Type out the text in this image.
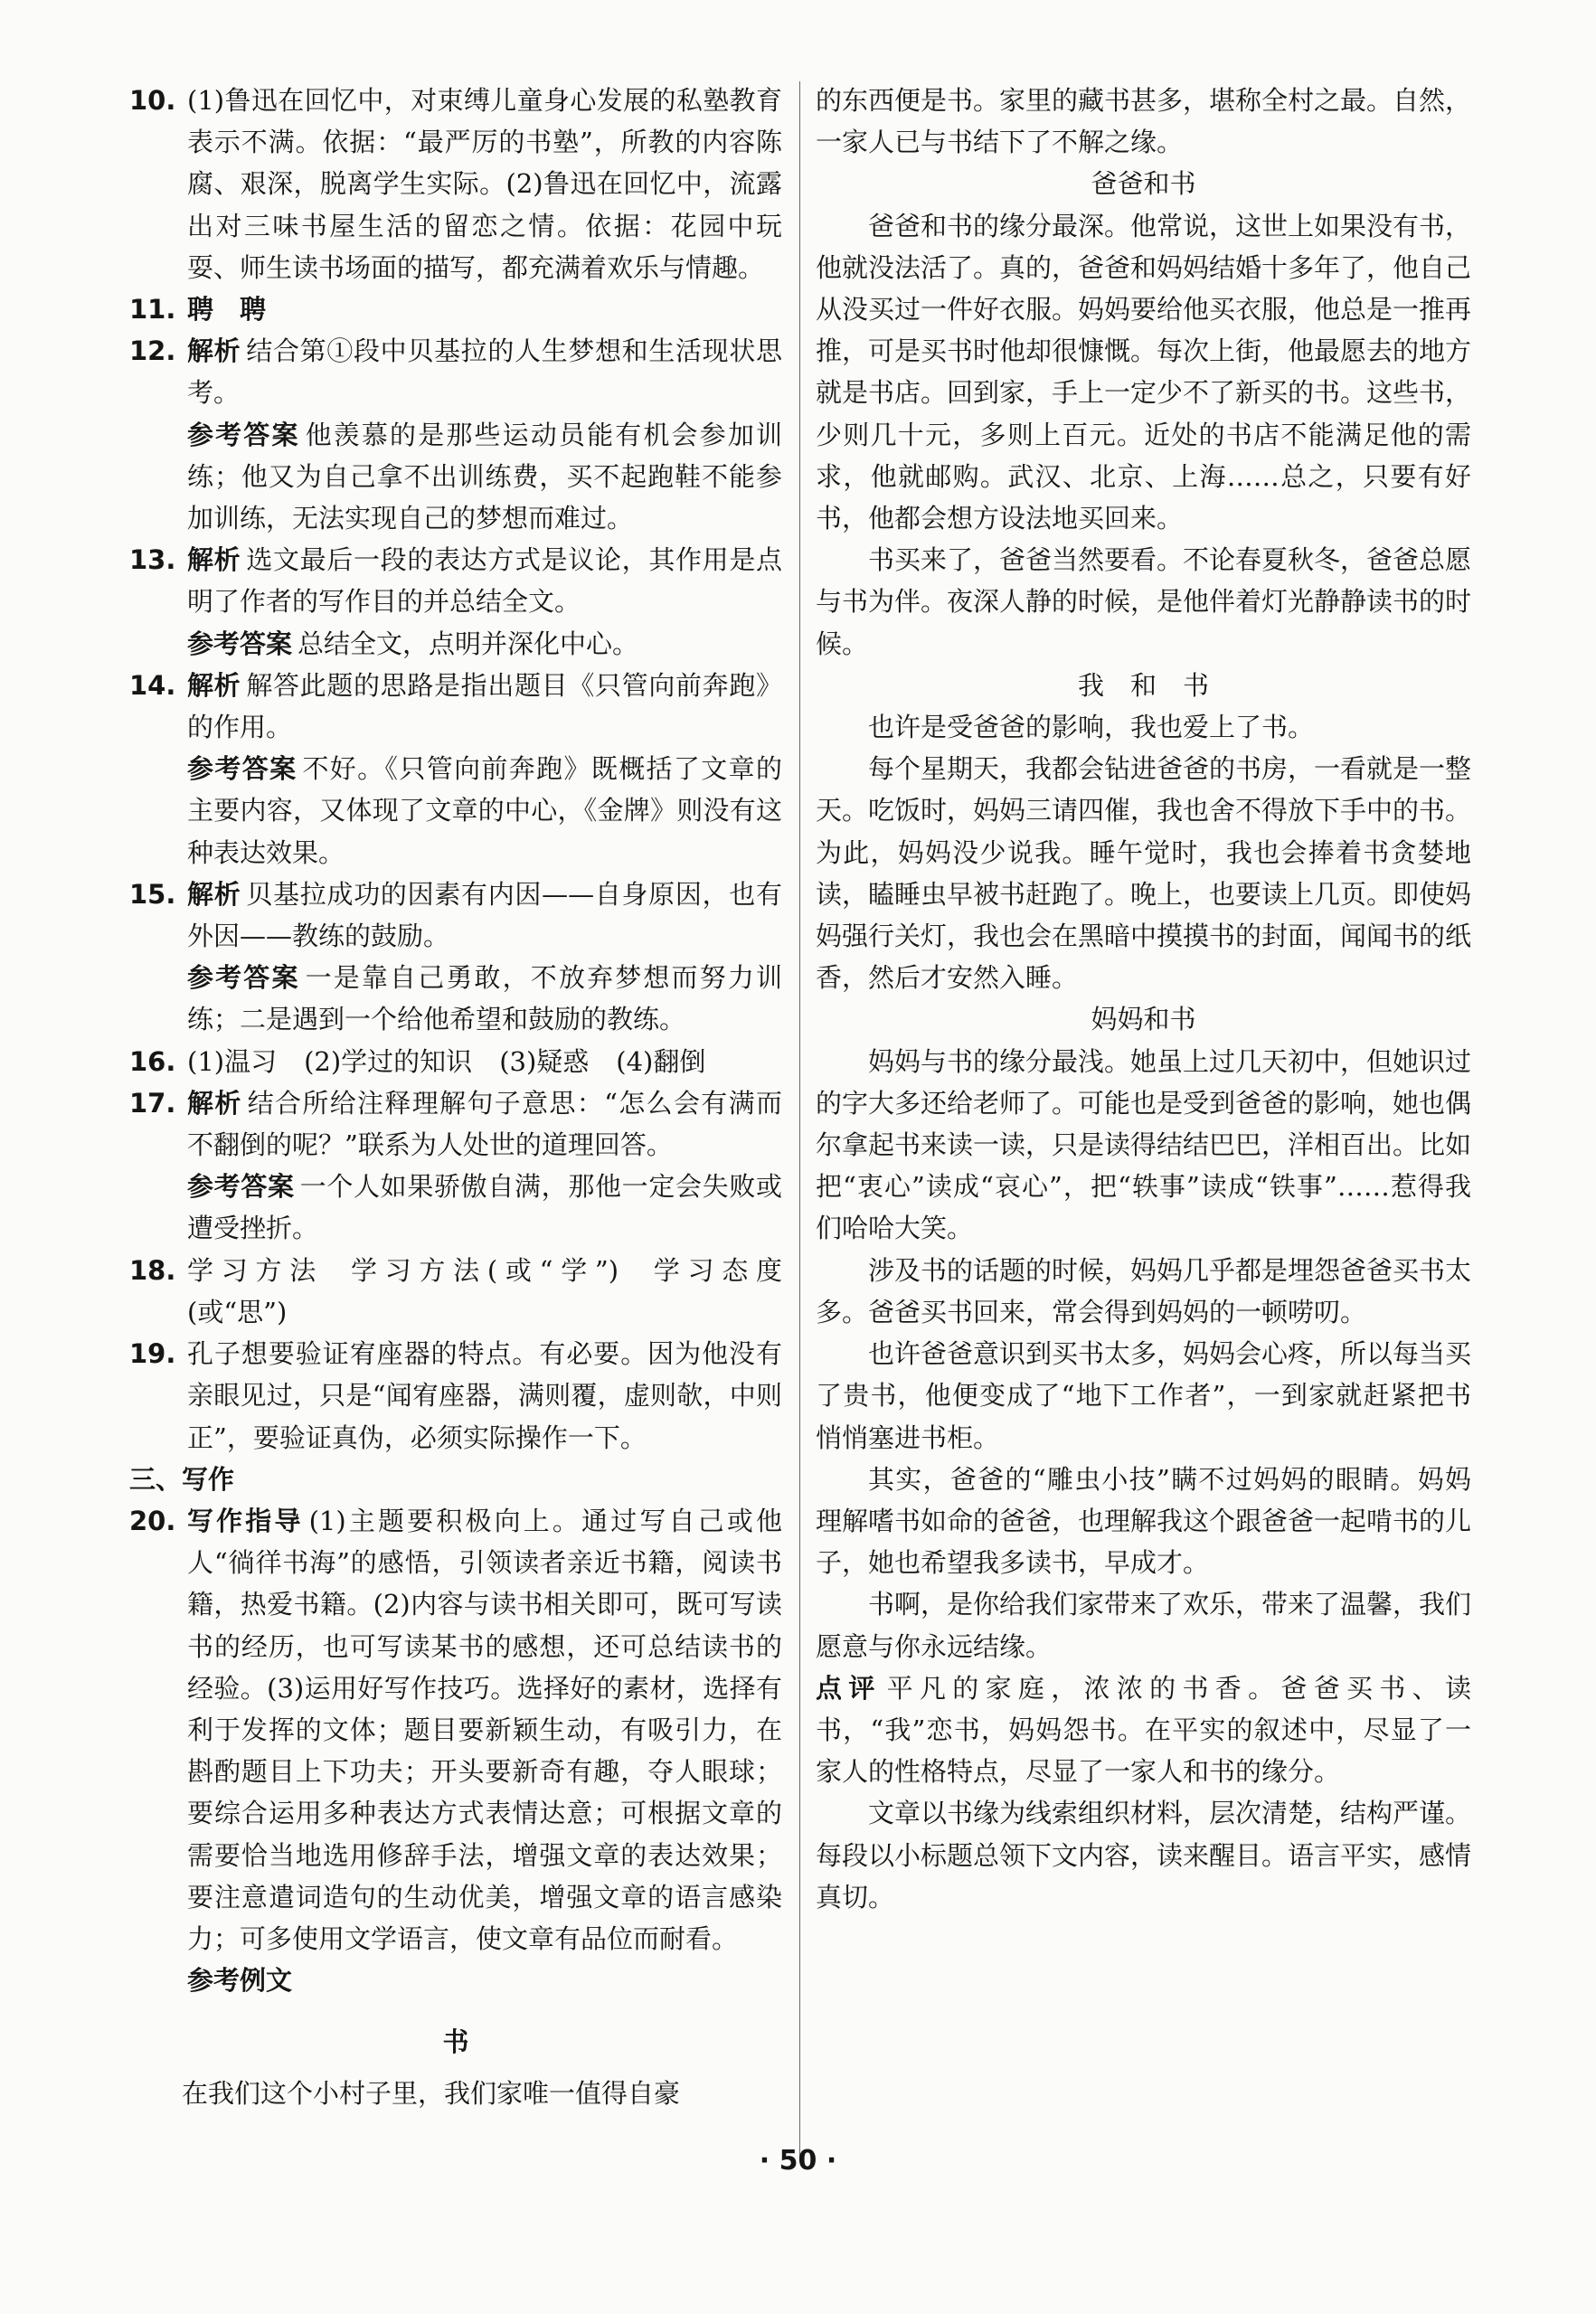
10. (1)鲁迅在回忆中，对束缚儿童身心发展的私塾教育表示不满。依据：“最严厉的书塾”，所教的内容陈腐、艰深，脱离学生实际。(2)鲁迅在回忆中，流露出对三味书屋生活的留恋之情。依据：花园中玩耍、师生读书场面的描写，都充满着欢乐与情趣。
11. 聘　聘
12. 解析 结合第①段中贝基拉的人生梦想和生活现状思考。
参考答案 他羡慕的是那些运动员能有机会参加训练；他又为自己拿不出训练费，买不起跑鞋不能参加训练，无法实现自己的梦想而难过。
13. 解析 选文最后一段的表达方式是议论，其作用是点明了作者的写作目的并总结全文。
参考答案 总结全文，点明并深化中心。
14. 解析 解答此题的思路是指出题目《只管向前奔跑》的作用。
参考答案 不好。《只管向前奔跑》既概括了文章的主要内容，又体现了文章的中心，《金牌》则没有这种表达效果。
15. 解析 贝基拉成功的因素有内因——自身原因，也有外因——教练的鼓励。
参考答案 一是靠自己勇敢，不放弃梦想而努力训练；二是遇到一个给他希望和鼓励的教练。
16. (1)温习 (2)学过的知识 (3)疑惑 (4)翻倒
17. 解析 结合所给注释理解句子意思：“怎么会有满而不翻倒的呢？”联系为人处世的道理回答。
参考答案 一个人如果骄傲自满，那他一定会失败或遭受挫折。
18. 学习方法 学习方法(或“学”) 学习态度(或“思”)
19. 孔子想要验证宥座器的特点。有必要。因为他没有亲眼见过，只是“闻宥座器，满则覆，虚则欹，中则正”，要验证真伪，必须实际操作一下。
三、写作
20. 写作指导 (1)主题要积极向上。通过写自己或他人“徜徉书海”的感悟，引领读者亲近书籍，阅读书籍，热爱书籍。(2)内容与读书相关即可，既可写读书的经历，也可写读某书的感想，还可总结读书的经验。(3)运用好写作技巧。选择好的素材，选择有利于发挥的文体；题目要新颖生动，有吸引力，在斟酌题目上下功夫；开头要新奇有趣，夺人眼球；要综合运用多种表达方式表情达意；可根据文章的需要恰当地选用修辞手法，增强文章的表达效果；要注意遣词造句的生动优美，增强文章的语言感染力；可多使用文学语言，使文章有品位而耐看。
参考例文
书
在我们这个小村子里，我们家唯一值得自豪
的东西便是书。家里的藏书甚多，堪称全村之最。自然，一家人已与书结下了不解之缘。
爸爸和书
爸爸和书的缘分最深。他常说，这世上如果没有书，他就没法活了。真的，爸爸和妈妈结婚十多年了，他自己从没买过一件好衣服。妈妈要给他买衣服，他总是一推再推，可是买书时他却很慷慨。每次上街，他最愿去的地方就是书店。回到家，手上一定少不了新买的书。这些书，少则几十元，多则上百元。近处的书店不能满足他的需求，他就邮购。武汉、北京、上海……总之，只要有好书，他都会想方设法地买回来。
书买来了，爸爸当然要看。不论春夏秋冬，爸爸总愿与书为伴。夜深人静的时候，是他伴着灯光静静读书的时候。
我　和　书
也许是受爸爸的影响，我也爱上了书。
每个星期天，我都会钻进爸爸的书房，一看就是一整天。吃饭时，妈妈三请四催，我也舍不得放下手中的书。为此，妈妈没少说我。睡午觉时，我也会捧着书贪婪地读，瞌睡虫早被书赶跑了。晚上，也要读上几页。即使妈妈强行关灯，我也会在黑暗中摸摸书的封面，闻闻书的纸香，然后才安然入睡。
妈妈和书
妈妈与书的缘分最浅。她虽上过几天初中，但她识过的字大多还给老师了。可能也是受到爸爸的影响，她也偶尔拿起书来读一读，只是读得结结巴巴，洋相百出。比如把“衷心”读成“哀心”，把“轶事”读成“铁事”……惹得我们哈哈大笑。
涉及书的话题的时候，妈妈几乎都是埋怨爸爸买书太多。爸爸买书回来，常会得到妈妈的一顿唠叨。
也许爸爸意识到买书太多，妈妈会心疼，所以每当买了贵书，他便变成了“地下工作者”，一到家就赶紧把书悄悄塞进书柜。
其实，爸爸的“雕虫小技”瞒不过妈妈的眼睛。妈妈理解嗜书如命的爸爸，也理解我这个跟爸爸一起啃书的儿子，她也希望我多读书，早成才。
书啊，是你给我们家带来了欢乐，带来了温馨，我们愿意与你永远结缘。
点评 平凡的家庭，浓浓的书香。爸爸买书、读书，“我”恋书，妈妈怨书。在平实的叙述中，尽显了一家人的性格特点，尽显了一家人和书的缘分。
文章以书缘为线索组织材料，层次清楚，结构严谨。每段以小标题总领下文内容，读来醒目。语言平实，感情真切。
· 50 ·
